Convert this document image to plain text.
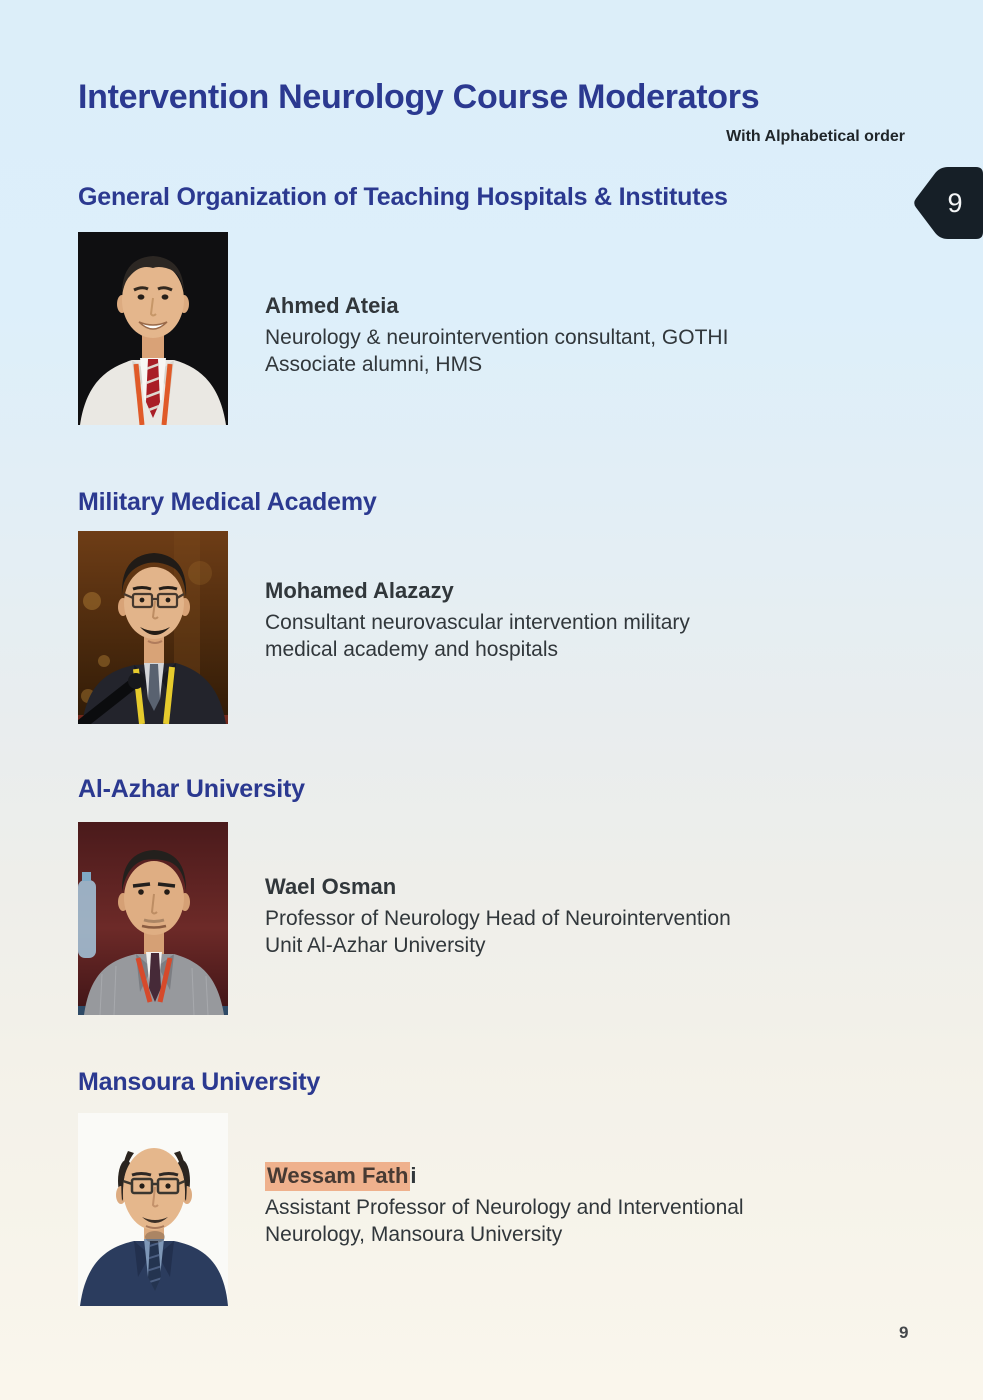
Intervention Neurology Course Moderators
With Alphabetical order
9
General Organization of Teaching Hospitals & Institutes
Ahmed Ateia
Neurology & neurointervention consultant, GOTHI
Associate alumni, HMS
Military Medical Academy
Mohamed Alazazy
Consultant neurovascular intervention military
medical academy and hospitals
Al-Azhar University
Wael Osman
Professor of Neurology Head of Neurointervention
Unit Al-Azhar University
Mansoura University
Wessam Fathi
Assistant Professor of Neurology and Interventional
Neurology, Mansoura University
9
